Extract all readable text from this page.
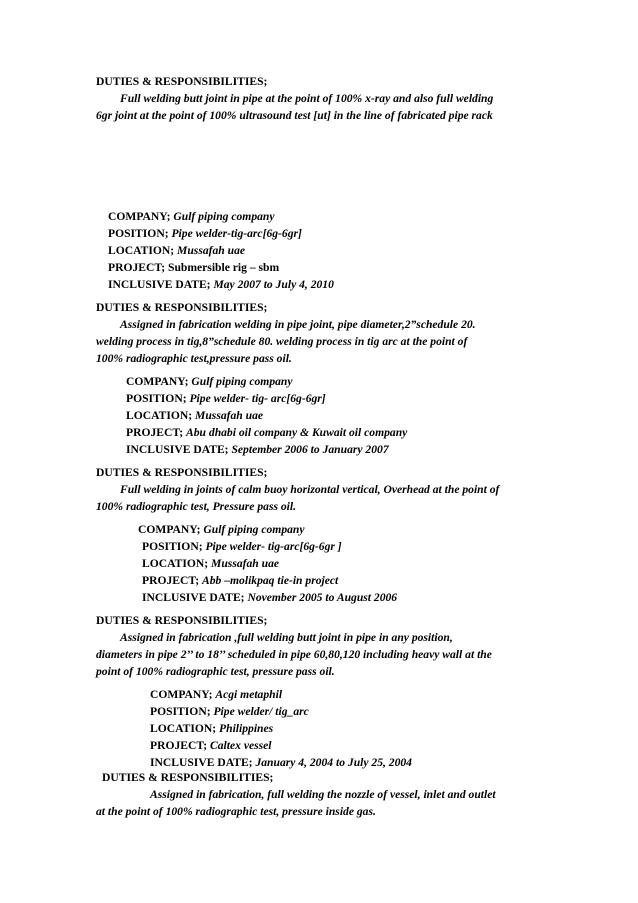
DUTIES & RESPONSIBILITIES;
Full welding butt joint in pipe at the point of 100% x-ray and also full welding
6gr joint at the point of 100% ultrasound test [ut] in the line of fabricated pipe rack
COMPANY; Gulf piping company
POSITION; Pipe welder-tig-arc[6g-6gr]
LOCATION; Mussafah uae
PROJECT; Submersible rig – sbm
INCLUSIVE DATE; May 2007 to July 4, 2010
DUTIES & RESPONSIBILITIES;
Assigned in fabrication welding in pipe joint, pipe diameter,2”schedule 20.
welding process in tig,8”schedule 80. welding process in tig arc at the point of
100% radiographic test,pressure pass oil.
COMPANY; Gulf piping company
POSITION; Pipe welder- tig- arc[6g-6gr]
LOCATION; Mussafah uae
PROJECT; Abu dhabi oil company & Kuwait oil company
INCLUSIVE DATE; September 2006 to January 2007
DUTIES & RESPONSIBILITIES;
Full welding in joints of calm buoy horizontal vertical, Overhead at the point of
100% radiographic test, Pressure pass oil.
COMPANY; Gulf piping company
POSITION; Pipe welder- tig-arc[6g-6gr ]
LOCATION; Mussafah uae
PROJECT; Abb –molikpaq tie-in project
INCLUSIVE DATE; November 2005 to August 2006
DUTIES & RESPONSIBILITIES;
Assigned in fabrication ,full welding butt joint in pipe in any position,
diameters in pipe 2’’ to 18’’ scheduled in pipe 60,80,120 including heavy wall at the
point of 100% radiographic test, pressure pass oil.
COMPANY; Acgi metaphil
POSITION; Pipe welder/ tig_arc
LOCATION; Philippines
PROJECT; Caltex vessel
INCLUSIVE DATE; January 4, 2004 to July 25, 2004
DUTIES & RESPONSIBILITIES;
Assigned in fabrication, full welding the nozzle of vessel, inlet and outlet
at the point of 100% radiographic test, pressure inside gas.
